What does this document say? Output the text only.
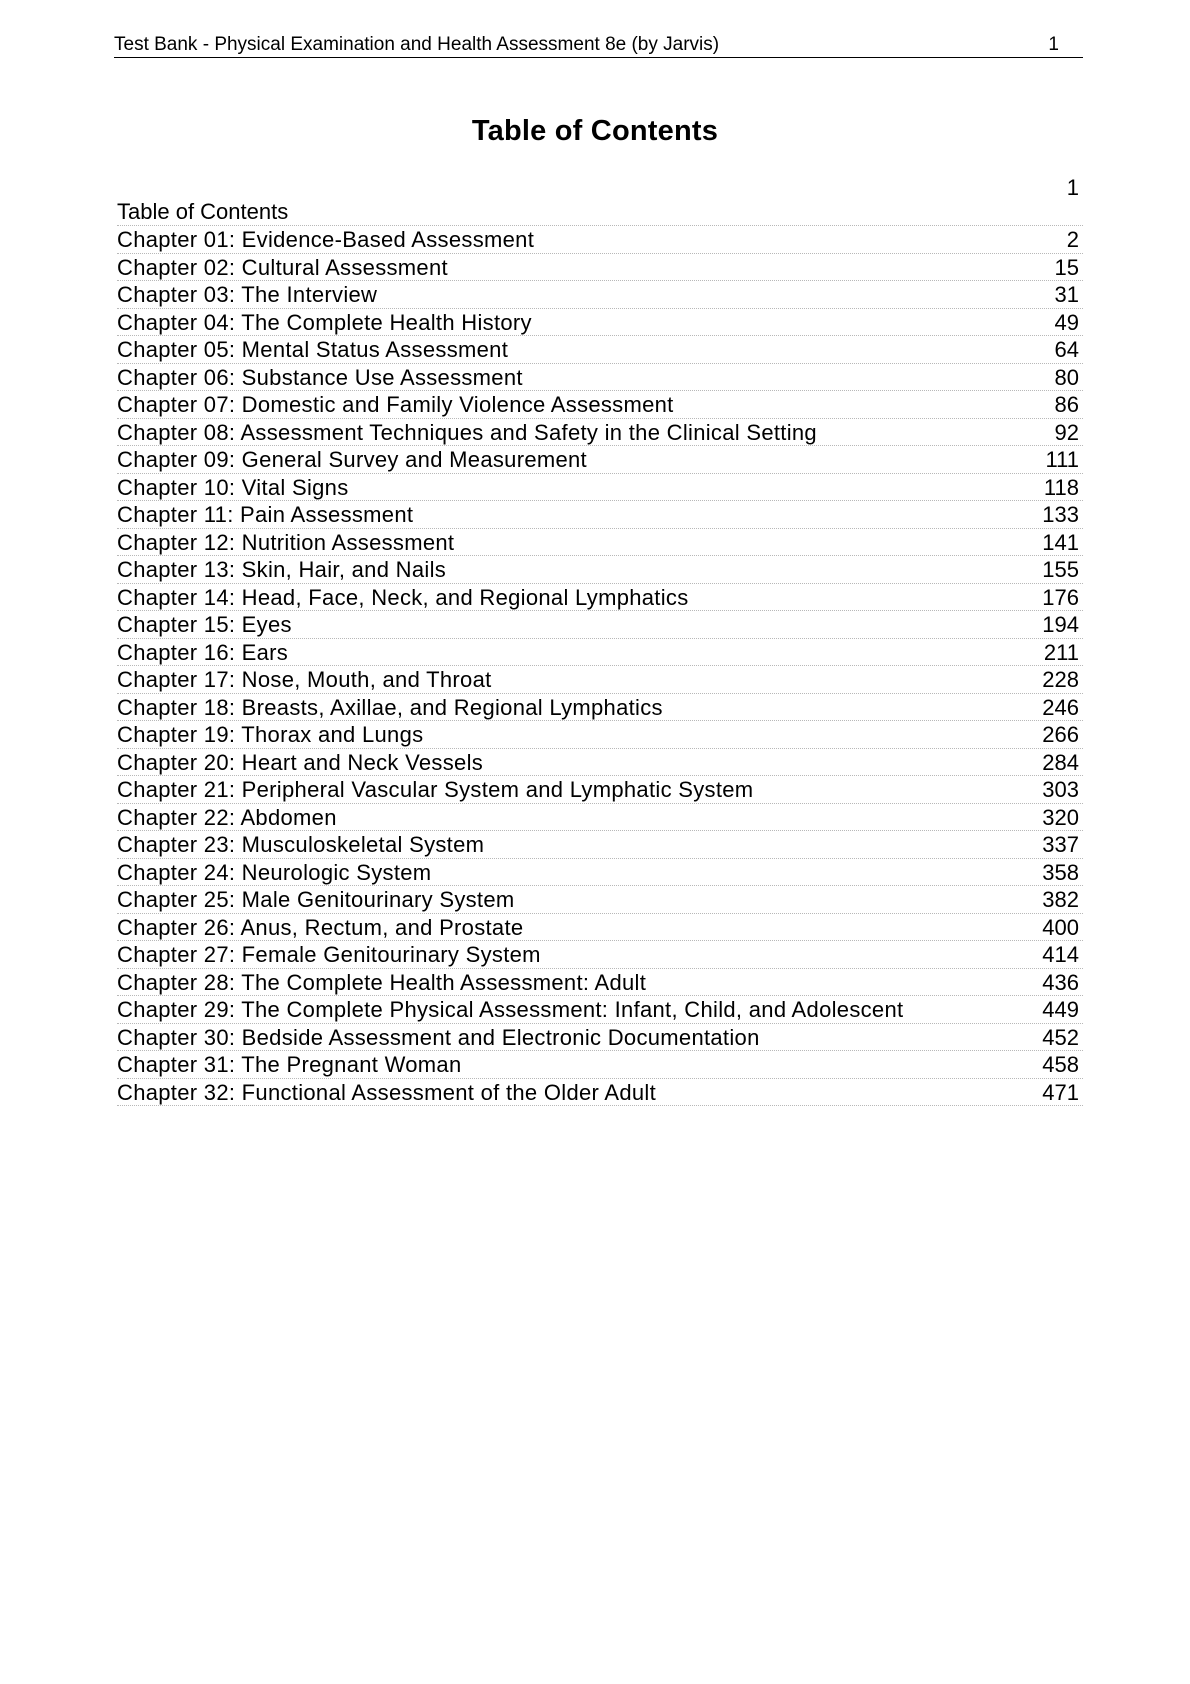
Test Bank - Physical Examination and Health Assessment 8e (by Jarvis)	1
Table of Contents
1
Table of Contents
Chapter 01: Evidence-Based Assessment	2
Chapter 02: Cultural Assessment	15
Chapter 03: The Interview	31
Chapter 04: The Complete Health History	49
Chapter 05: Mental Status Assessment	64
Chapter 06: Substance Use Assessment	80
Chapter 07: Domestic and Family Violence Assessment	86
Chapter 08: Assessment Techniques and Safety in the Clinical Setting	92
Chapter 09: General Survey and Measurement	111
Chapter 10: Vital Signs	118
Chapter 11: Pain Assessment	133
Chapter 12: Nutrition Assessment	141
Chapter 13: Skin, Hair, and Nails	155
Chapter 14: Head, Face, Neck, and Regional Lymphatics	176
Chapter 15: Eyes	194
Chapter 16: Ears	211
Chapter 17: Nose, Mouth, and Throat	228
Chapter 18: Breasts, Axillae, and Regional Lymphatics	246
Chapter 19: Thorax and Lungs	266
Chapter 20: Heart and Neck Vessels	284
Chapter 21: Peripheral Vascular System and Lymphatic System	303
Chapter 22: Abdomen	320
Chapter 23: Musculoskeletal System	337
Chapter 24: Neurologic System	358
Chapter 25: Male Genitourinary System	382
Chapter 26: Anus, Rectum, and Prostate	400
Chapter 27: Female Genitourinary System	414
Chapter 28: The Complete Health Assessment: Adult	436
Chapter 29: The Complete Physical Assessment: Infant, Child, and Adolescent	449
Chapter 30: Bedside Assessment and Electronic Documentation	452
Chapter 31: The Pregnant Woman	458
Chapter 32: Functional Assessment of the Older Adult	471
